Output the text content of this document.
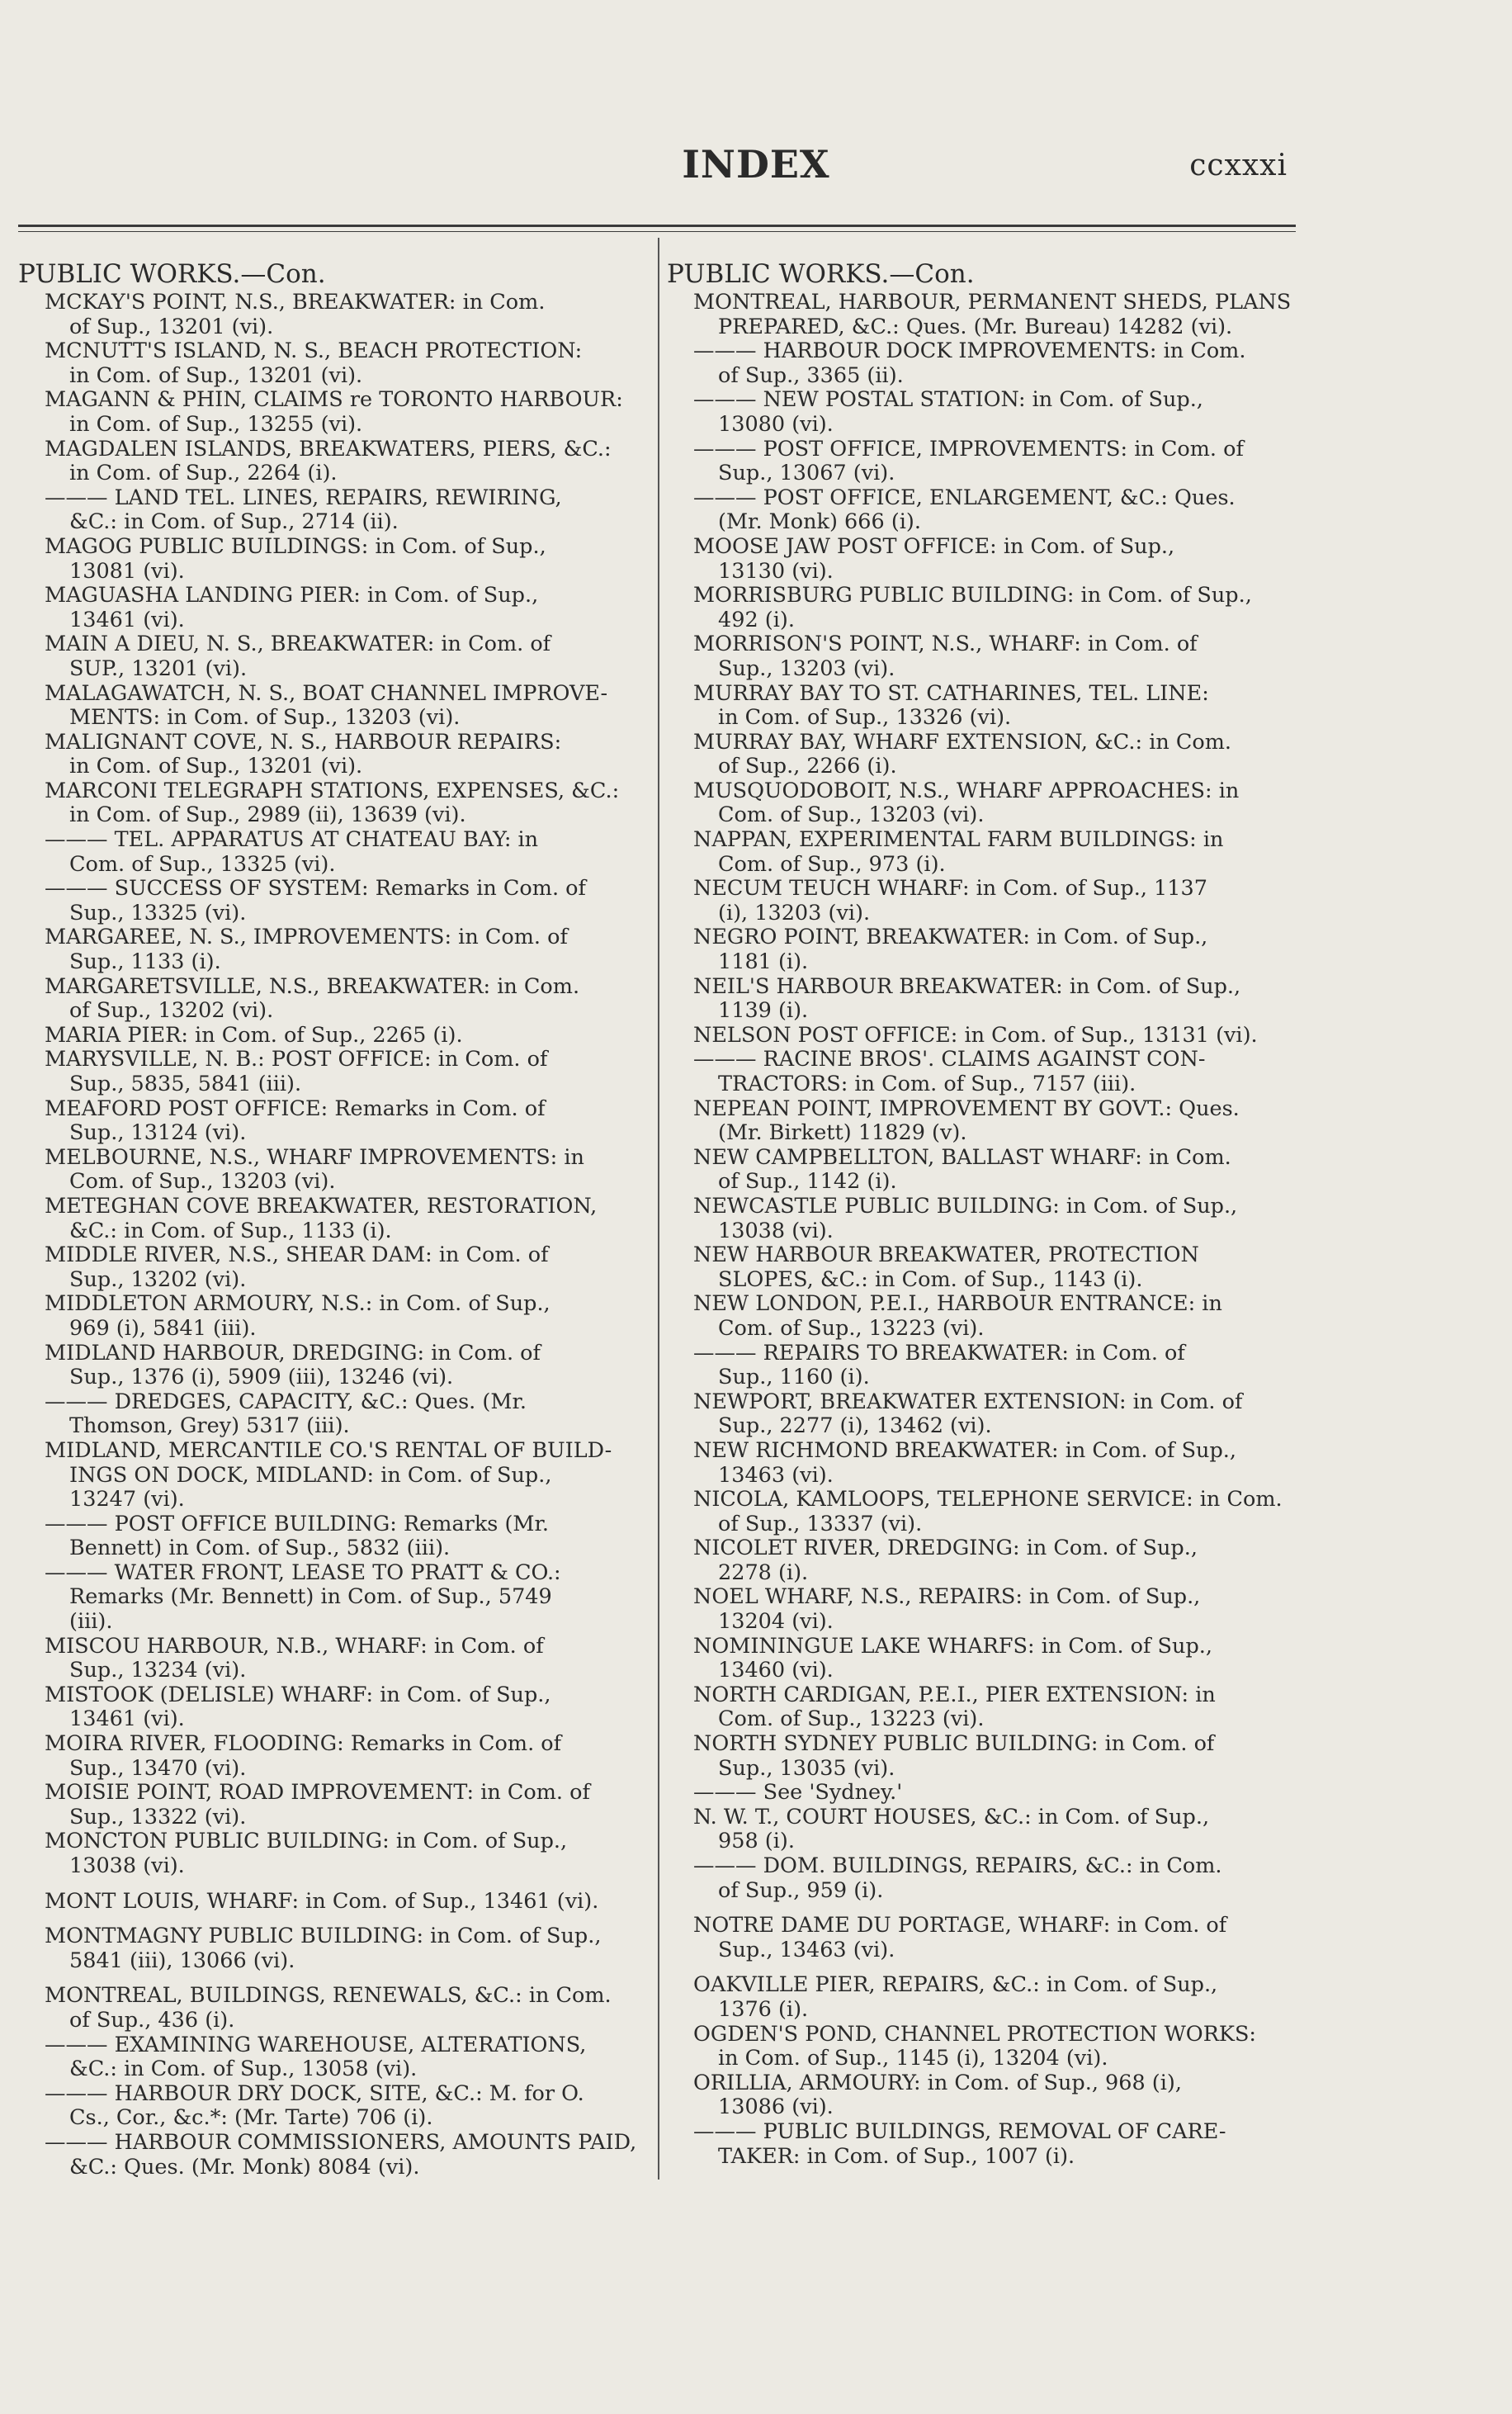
INDEX	ccxxxi
PUBLIC WORKS.—Con.
MCKAY'S POINT, N.S., BREAKWATER: in Com.
of Sup., 13201 (vi).
MCNUTT'S ISLAND, N. S., BEACH PROTECTION:
in Com. of Sup., 13201 (vi).
MAGANN & PHIN, CLAIMS re TORONTO HARBOUR:
in Com. of Sup., 13255 (vi).
MAGDALEN ISLANDS, BREAKWATERS, PIERS, &C.:
in Com. of Sup., 2264 (i).
——— LAND TEL. LINES, REPAIRS, REWIRING,
&C.: in Com. of Sup., 2714 (ii).
MAGOG PUBLIC BUILDINGS: in Com. of Sup.,
13081 (vi).
MAGUASHA LANDING PIER: in Com. of Sup.,
13461 (vi).
MAIN A DIEU, N. S., BREAKWATER: in Com. of
SUP., 13201 (vi).
MALAGAWATCH, N. S., BOAT CHANNEL IMPROVE-
MENTS: in Com. of Sup., 13203 (vi).
MALIGNANT COVE, N. S., HARBOUR REPAIRS:
in Com. of Sup., 13201 (vi).
MARCONI TELEGRAPH STATIONS, EXPENSES, &C.:
in Com. of Sup., 2989 (ii), 13639 (vi).
——— TEL. APPARATUS AT CHATEAU BAY: in
Com. of Sup., 13325 (vi).
——— SUCCESS OF SYSTEM: Remarks in Com. of
Sup., 13325 (vi).
MARGAREE, N. S., IMPROVEMENTS: in Com. of
Sup., 1133 (i).
MARGARETSVILLE, N.S., BREAKWATER: in Com.
of Sup., 13202 (vi).
MARIA PIER: in Com. of Sup., 2265 (i).
MARYSVILLE, N. B.: POST OFFICE: in Com. of
Sup., 5835, 5841 (iii).
MEAFORD POST OFFICE: Remarks in Com. of
Sup., 13124 (vi).
MELBOURNE, N.S., WHARF IMPROVEMENTS: in
Com. of Sup., 13203 (vi).
METEGHAN COVE BREAKWATER, RESTORATION,
&C.: in Com. of Sup., 1133 (i).
MIDDLE RIVER, N.S., SHEAR DAM: in Com. of
Sup., 13202 (vi).
MIDDLETON ARMOURY, N.S.: in Com. of Sup.,
969 (i), 5841 (iii).
MIDLAND HARBOUR, DREDGING: in Com. of
Sup., 1376 (i), 5909 (iii), 13246 (vi).
——— DREDGES, CAPACITY, &C.: Ques. (Mr.
Thomson, Grey) 5317 (iii).
MIDLAND, MERCANTILE CO.'S RENTAL OF BUILD-
INGS ON DOCK, MIDLAND: in Com. of Sup.,
13247 (vi).
——— POST OFFICE BUILDING: Remarks (Mr.
Bennett) in Com. of Sup., 5832 (iii).
——— WATER FRONT, LEASE TO PRATT & CO.:
Remarks (Mr. Bennett) in Com. of Sup., 5749
(iii).
MISCOU HARBOUR, N.B., WHARF: in Com. of
Sup., 13234 (vi).
MISTOOK (DELISLE) WHARF: in Com. of Sup.,
13461 (vi).
MOIRA RIVER, FLOODING: Remarks in Com. of
Sup., 13470 (vi).
MOISIE POINT, ROAD IMPROVEMENT: in Com. of
Sup., 13322 (vi).
MONCTON PUBLIC BUILDING: in Com. of Sup.,
13038 (vi).
MONT LOUIS, WHARF: in Com. of Sup., 13461 (vi).
MONTMAGNY PUBLIC BUILDING: in Com. of Sup.,
5841 (iii), 13066 (vi).
MONTREAL, BUILDINGS, RENEWALS, &C.: in Com.
of Sup., 436 (i).
——— EXAMINING WAREHOUSE, ALTERATIONS,
&C.: in Com. of Sup., 13058 (vi).
——— HARBOUR DRY DOCK, SITE, &C.: M. for O.
Cs., Cor., &c.*: (Mr. Tarte) 706 (i).
——— HARBOUR COMMISSIONERS, AMOUNTS PAID,
&C.: Ques. (Mr. Monk) 8084 (vi).
PUBLIC WORKS.—Con.
MONTREAL, HARBOUR, PERMANENT SHEDS, PLANS
PREPARED, &C.: Ques. (Mr. Bureau) 14282 (vi).
——— HARBOUR DOCK IMPROVEMENTS: in Com.
of Sup., 3365 (ii).
——— NEW POSTAL STATION: in Com. of Sup.,
13080 (vi).
——— POST OFFICE, IMPROVEMENTS: in Com. of
Sup., 13067 (vi).
——— POST OFFICE, ENLARGEMENT, &C.: Ques.
(Mr. Monk) 666 (i).
MOOSE JAW POST OFFICE: in Com. of Sup.,
13130 (vi).
MORRISBURG PUBLIC BUILDING: in Com. of Sup.,
492 (i).
MORRISON'S POINT, N.S., WHARF: in Com. of
Sup., 13203 (vi).
MURRAY BAY TO ST. CATHARINES, TEL. LINE:
in Com. of Sup., 13326 (vi).
MURRAY BAY, WHARF EXTENSION, &C.: in Com.
of Sup., 2266 (i).
MUSQUODOBOIT, N.S., WHARF APPROACHES: in
Com. of Sup., 13203 (vi).
NAPPAN, EXPERIMENTAL FARM BUILDINGS: in
Com. of Sup., 973 (i).
NECUM TEUCH WHARF: in Com. of Sup., 1137
(i), 13203 (vi).
NEGRO POINT, BREAKWATER: in Com. of Sup.,
1181 (i).
NEIL'S HARBOUR BREAKWATER: in Com. of Sup.,
1139 (i).
NELSON POST OFFICE: in Com. of Sup., 13131 (vi).
——— RACINE BROS'. CLAIMS AGAINST CON-
TRACTORS: in Com. of Sup., 7157 (iii).
NEPEAN POINT, IMPROVEMENT BY GOVT.: Ques.
(Mr. Birkett) 11829 (v).
NEW CAMPBELLTON, BALLAST WHARF: in Com.
of Sup., 1142 (i).
NEWCASTLE PUBLIC BUILDING: in Com. of Sup.,
13038 (vi).
NEW HARBOUR BREAKWATER, PROTECTION
SLOPES, &C.: in Com. of Sup., 1143 (i).
NEW LONDON, P.E.I., HARBOUR ENTRANCE: in
Com. of Sup., 13223 (vi).
——— REPAIRS TO BREAKWATER: in Com. of
Sup., 1160 (i).
NEWPORT, BREAKWATER EXTENSION: in Com. of
Sup., 2277 (i), 13462 (vi).
NEW RICHMOND BREAKWATER: in Com. of Sup.,
13463 (vi).
NICOLA, KAMLOOPS, TELEPHONE SERVICE: in Com.
of Sup., 13337 (vi).
NICOLET RIVER, DREDGING: in Com. of Sup.,
2278 (i).
NOEL WHARF, N.S., REPAIRS: in Com. of Sup.,
13204 (vi).
NOMININGUE LAKE WHARFS: in Com. of Sup.,
13460 (vi).
NORTH CARDIGAN, P.E.I., PIER EXTENSION: in
Com. of Sup., 13223 (vi).
NORTH SYDNEY PUBLIC BUILDING: in Com. of
Sup., 13035 (vi).
——— See 'Sydney.'
N. W. T., COURT HOUSES, &C.: in Com. of Sup.,
958 (i).
——— DOM. BUILDINGS, REPAIRS, &C.: in Com.
of Sup., 959 (i).
NOTRE DAME DU PORTAGE, WHARF: in Com. of
Sup., 13463 (vi).
OAKVILLE PIER, REPAIRS, &C.: in Com. of Sup.,
1376 (i).
OGDEN'S POND, CHANNEL PROTECTION WORKS:
in Com. of Sup., 1145 (i), 13204 (vi).
ORILLIA, ARMOURY: in Com. of Sup., 968 (i),
13086 (vi).
——— PUBLIC BUILDINGS, REMOVAL OF CARE-
TAKER: in Com. of Sup., 1007 (i).
